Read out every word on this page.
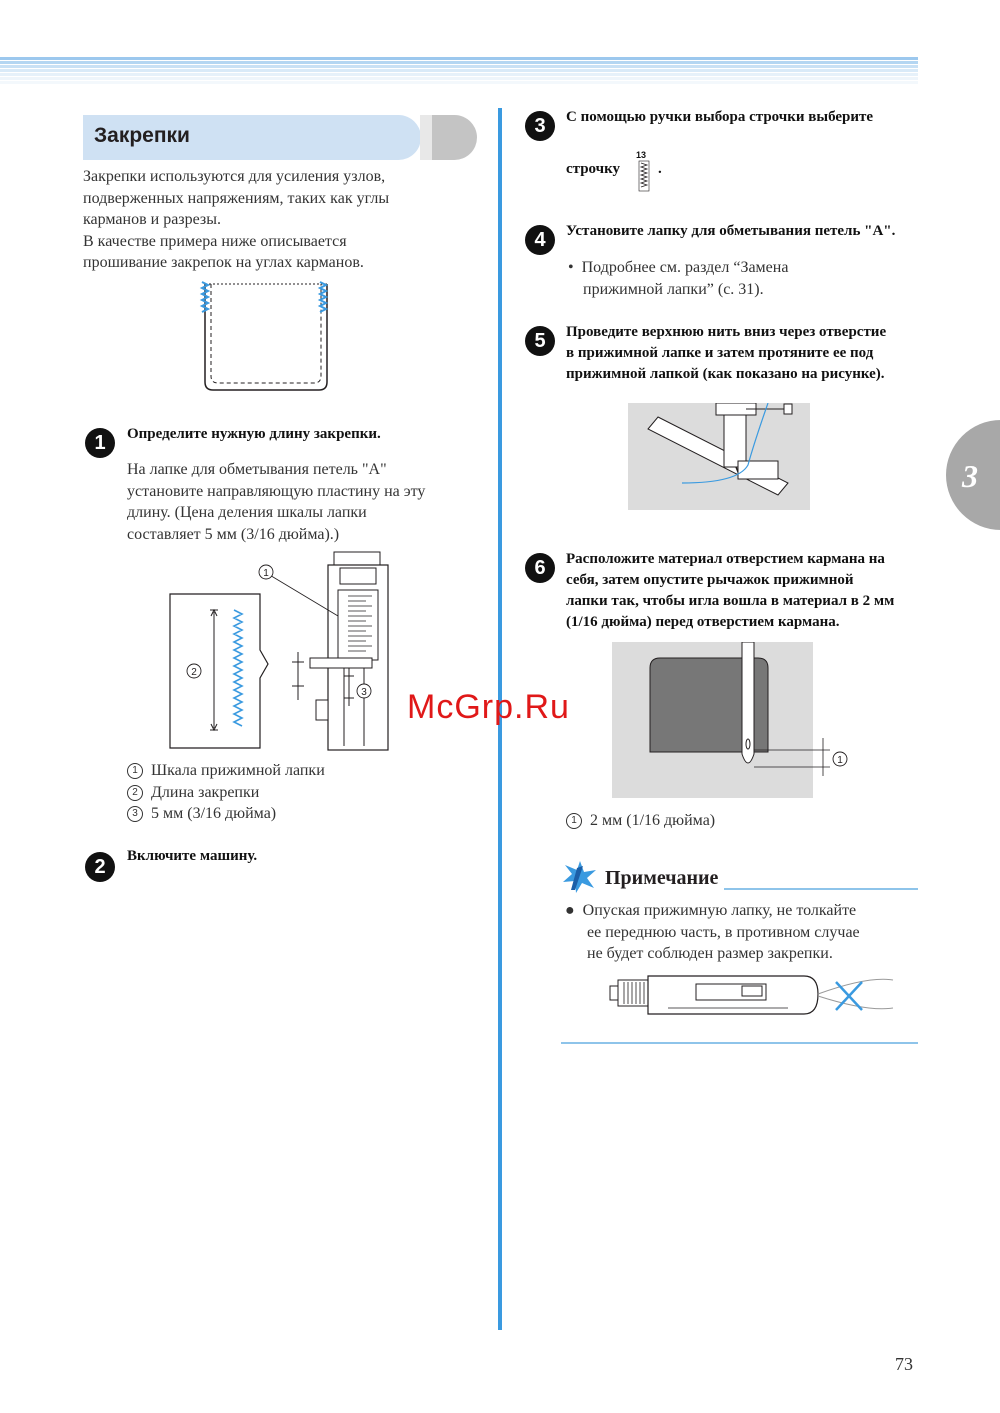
Закрепки

Закрепки используются для усиления узлов,

подверженных напряжениям, таких как углы

карманов и разрезы.

В качестве примера ниже описывается

прошивание закрепок на углах карманов.

1	Определите нужную длину закрепки.
На лапке для обметывания петель "A"
установите направляющую пластину на эту
длину. (Цена деления шкалы лапки
составляет 5 мм (3/16 дюйма).)
2
1
3
1 Шкала прижимной лапки
2 Длина закрепки
3 5 мм (3/16 дюйма)
2	Включите машину.
3	С помощью ручки выбора строчки выберите
строчку
13
.
4	Установите лапку для обметывания петель "A".
• Подробнее см. раздел “Замена
прижимной лапки” (с. 31).
5	Проведите верхнюю нить вниз через отверстие
в прижимной лапке и затем протяните ее под
прижимной лапкой (как показано на рисунке).
6	Расположите материал отверстием кармана на
себя, затем опустите рычажок прижимной
лапки так, чтобы игла вошла в материал в 2 мм
(1/16 дюйма) перед отверстием кармана.
1
1 2 мм (1/16 дюйма)
Примечание
● Опуская прижимную лапку, не толкайте
ее переднюю часть, в противном случае
не будет соблюден размер закрепки.
3
McGrp.Ru
73
